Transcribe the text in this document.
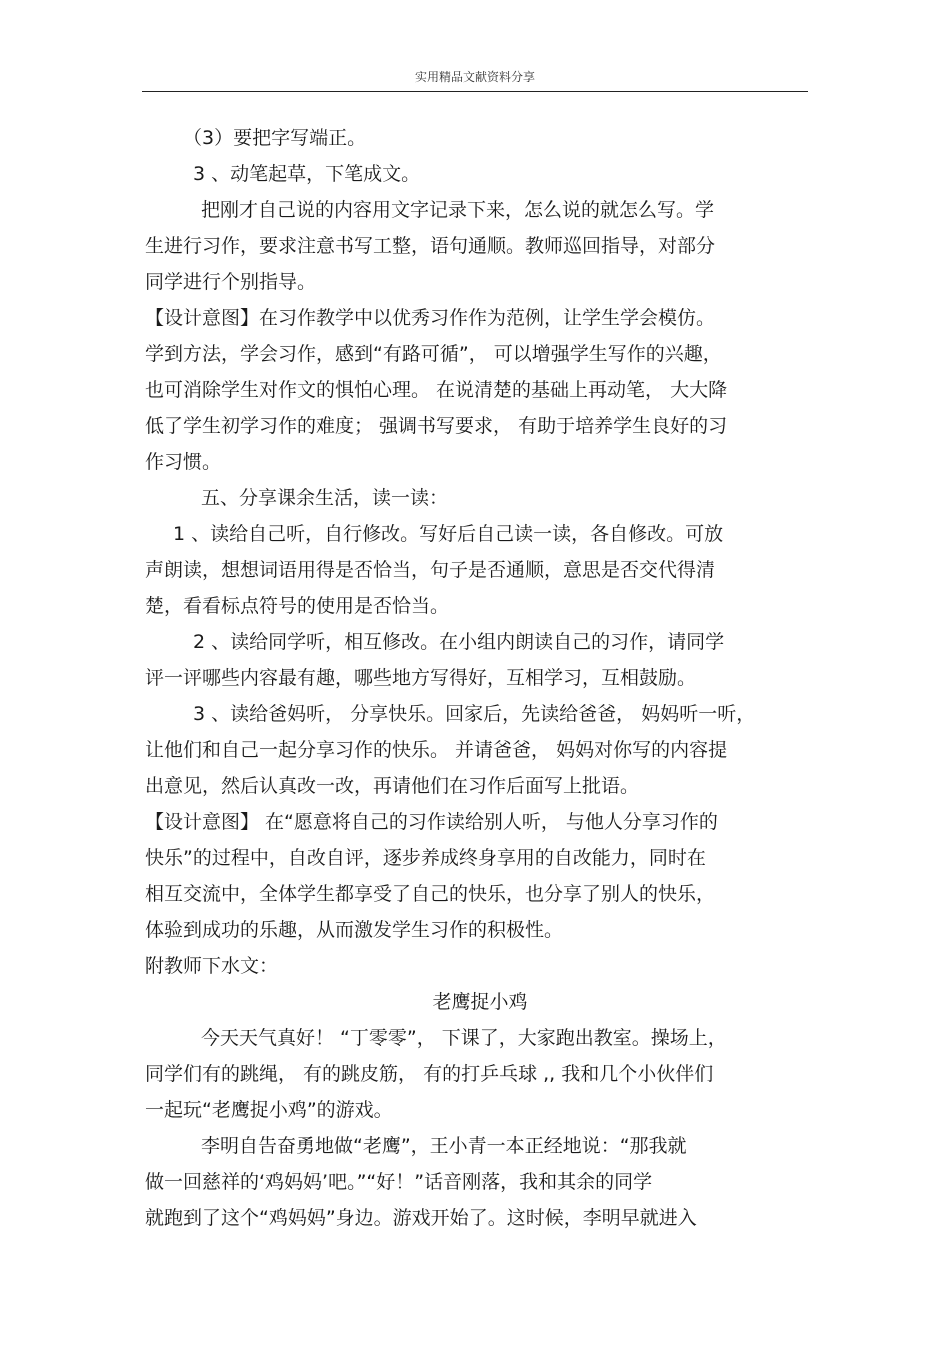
实用精品文献资料分享
（3）要把字写端正。
3 、动笔起草，下笔成文。
把刚才自己说的内容用文字记录下来，怎么说的就怎么写。学
生进行习作，要求注意书写工整，语句通顺。教师巡回指导，对部分
同学进行个别指导。
【设计意图】在习作教学中以优秀习作作为范例，让学生学会模仿。
学到方法，学会习作，感到“有路可循”， 可以增强学生写作的兴趣，
也可消除学生对作文的惧怕心理。 在说清楚的基础上再动笔， 大大降
低了学生初学习作的难度； 强调书写要求， 有助于培养学生良好的习
作习惯。
五、分享课余生活，读一读：
1 、读给自己听，自行修改。写好后自己读一读，各自修改。可放
声朗读，想想词语用得是否恰当，句子是否通顺，意思是否交代得清
楚，看看标点符号的使用是否恰当。
2 、读给同学听，相互修改。在小组内朗读自己的习作，请同学
评一评哪些内容最有趣，哪些地方写得好，互相学习，互相鼓励。
3 、读给爸妈听， 分享快乐。回家后，先读给爸爸， 妈妈听一听，
让他们和自己一起分享习作的快乐。 并请爸爸， 妈妈对你写的内容提
出意见，然后认真改一改，再请他们在习作后面写上批语。
【设计意图】 在“愿意将自己的习作读给别人听， 与他人分享习作的
快乐”的过程中，自改自评，逐步养成终身享用的自改能力，同时在
相互交流中，全体学生都享受了自己的快乐，也分享了别人的快乐，
体验到成功的乐趣，从而激发学生习作的积极性。
附教师下水文：
老鹰捉小鸡
今天天气真好！ “丁零零”， 下课了，大家跑出教室。操场上，
同学们有的跳绳， 有的跳皮筋， 有的打乒乓球 ,, 我和几个小伙伴们
一起玩“老鹰捉小鸡”的游戏。
李明自告奋勇地做“老鹰”，王小青一本正经地说：“那我就
做一回慈祥的‘鸡妈妈’吧。”“好！”话音刚落，我和其余的同学
就跑到了这个“鸡妈妈”身边。游戏开始了。这时候，李明早就进入
